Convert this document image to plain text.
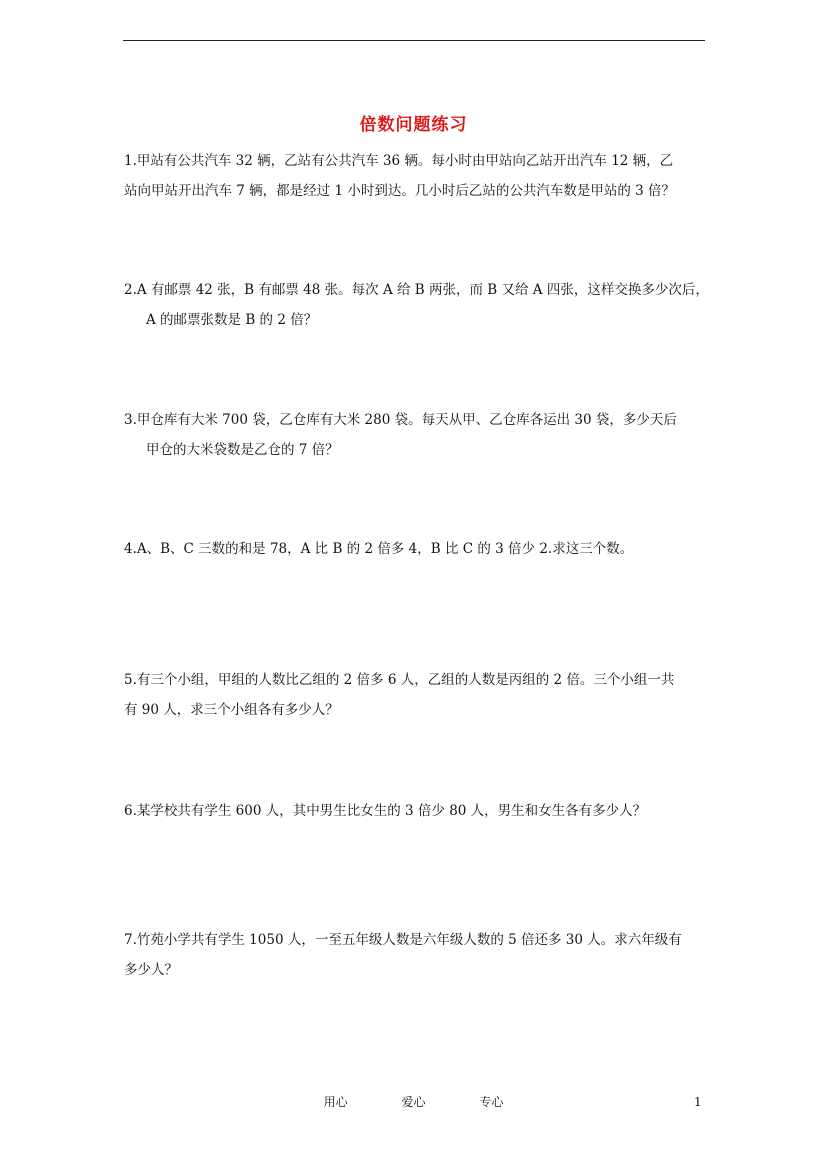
倍数问题练习
1.甲站有公共汽车 32 辆，乙站有公共汽车 36 辆。每小时由甲站向乙站开出汽车 12 辆，乙
站向甲站开出汽车 7 辆，都是经过 1 小时到达。几小时后乙站的公共汽车数是甲站的 3 倍？
2.A 有邮票 42 张，B 有邮票 48 张。每次 A 给 B 两张，而 B 又给 A 四张，这样交换多少次后，
A 的邮票张数是 B 的 2 倍？
3.甲仓库有大米 700 袋，乙仓库有大米 280 袋。每天从甲、乙仓库各运出 30 袋，多少天后
甲仓的大米袋数是乙仓的 7 倍？
4.A、B、C 三数的和是 78，A 比 B 的 2 倍多 4，B 比 C 的 3 倍少 2.求这三个数。
5.有三个小组，甲组的人数比乙组的 2 倍多 6 人，乙组的人数是丙组的 2 倍。三个小组一共
有 90 人，求三个小组各有多少人？
6.某学校共有学生 600 人，其中男生比女生的 3 倍少 80 人，男生和女生各有多少人？
7.竹苑小学共有学生 1050 人，一至五年级人数是六年级人数的 5 倍还多 30 人。求六年级有
多少人？
用心	爱心	专心	1
